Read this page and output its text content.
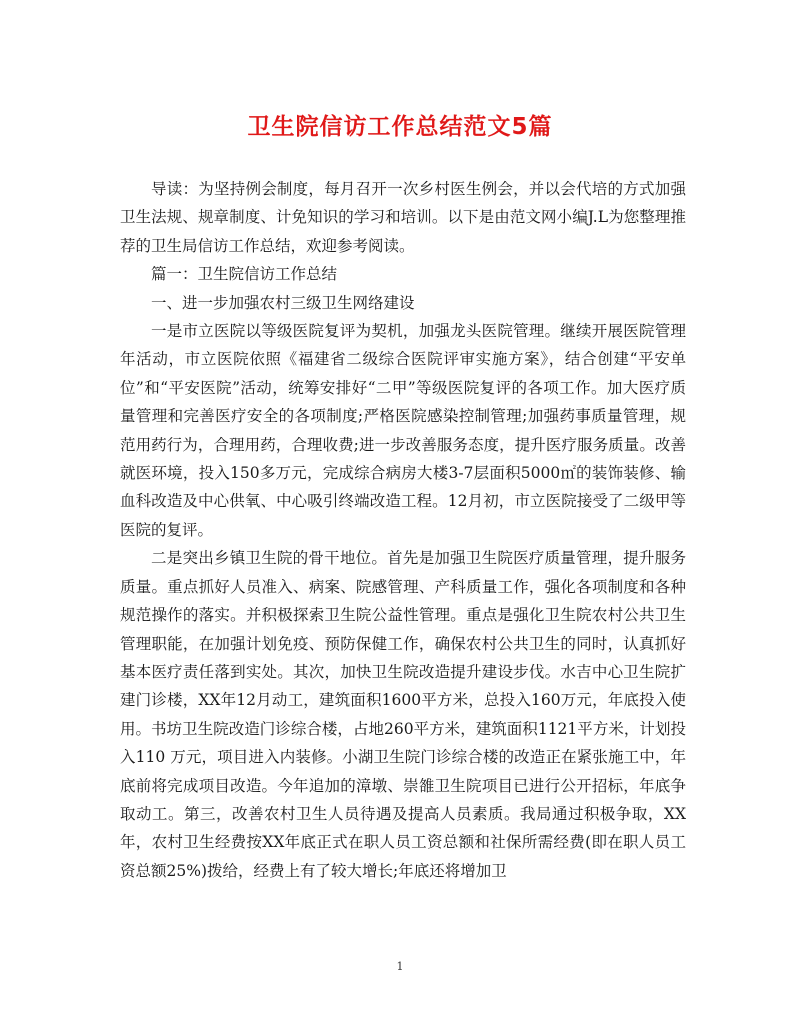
卫生院信访工作总结范文5篇

导读：为坚持例会制度，每月召开一次乡村医生例会，并以会代培的方式加强卫生法规、规章制度、计免知识的学习和培训。以下是由范文网小编J.L为您整理推荐的卫生局信访工作总结，欢迎参考阅读。

篇一：卫生院信访工作总结

一、进一步加强农村三级卫生网络建设

一是市立医院以等级医院复评为契机，加强龙头医院管理。继续开展医院管理年活动，市立医院依照《福建省二级综合医院评审实施方案》，结合创建“平安单位”和“平安医院”活动，统筹安排好“二甲”等级医院复评的各项工作。加大医疗质量管理和完善医疗安全的各项制度;严格医院感染控制管理;加强药事质量管理，规范用药行为，合理用药，合理收费;进一步改善服务态度，提升医疗服务质量。改善就医环境，投入150多万元，完成综合病房大楼3-7层面积5000㎡的装饰装修、输血科改造及中心供氧、中心吸引终端改造工程。12月初，市立医院接受了二级甲等医院的复评。

二是突出乡镇卫生院的骨干地位。首先是加强卫生院医疗质量管理，提升服务质量。重点抓好人员准入、病案、院感管理、产科质量工作，强化各项制度和各种规范操作的落实。并积极探索卫生院公益性管理。重点是强化卫生院农村公共卫生管理职能，在加强计划免疫、预防保健工作，确保农村公共卫生的同时，认真抓好基本医疗责任落到实处。其次，加快卫生院改造提升建设步伐。水吉中心卫生院扩建门诊楼，XX年12月动工，建筑面积1600平方米，总投入160万元，年底投入使用。书坊卫生院改造门诊综合楼，占地260平方米，建筑面积1121平方米，计划投入110 万元，项目进入内装修。小湖卫生院门诊综合楼的改造正在紧张施工中，年底前将完成项目改造。今年追加的漳墩、崇雒卫生院项目已进行公开招标，年底争取动工。第三，改善农村卫生人员待遇及提高人员素质。我局通过积极争取，XX年，农村卫生经费按XX年底正式在职人员工资总额和社保所需经费(即在职人员工资总额25%)拨给，经费上有了较大增长;年底还将增加卫

1
